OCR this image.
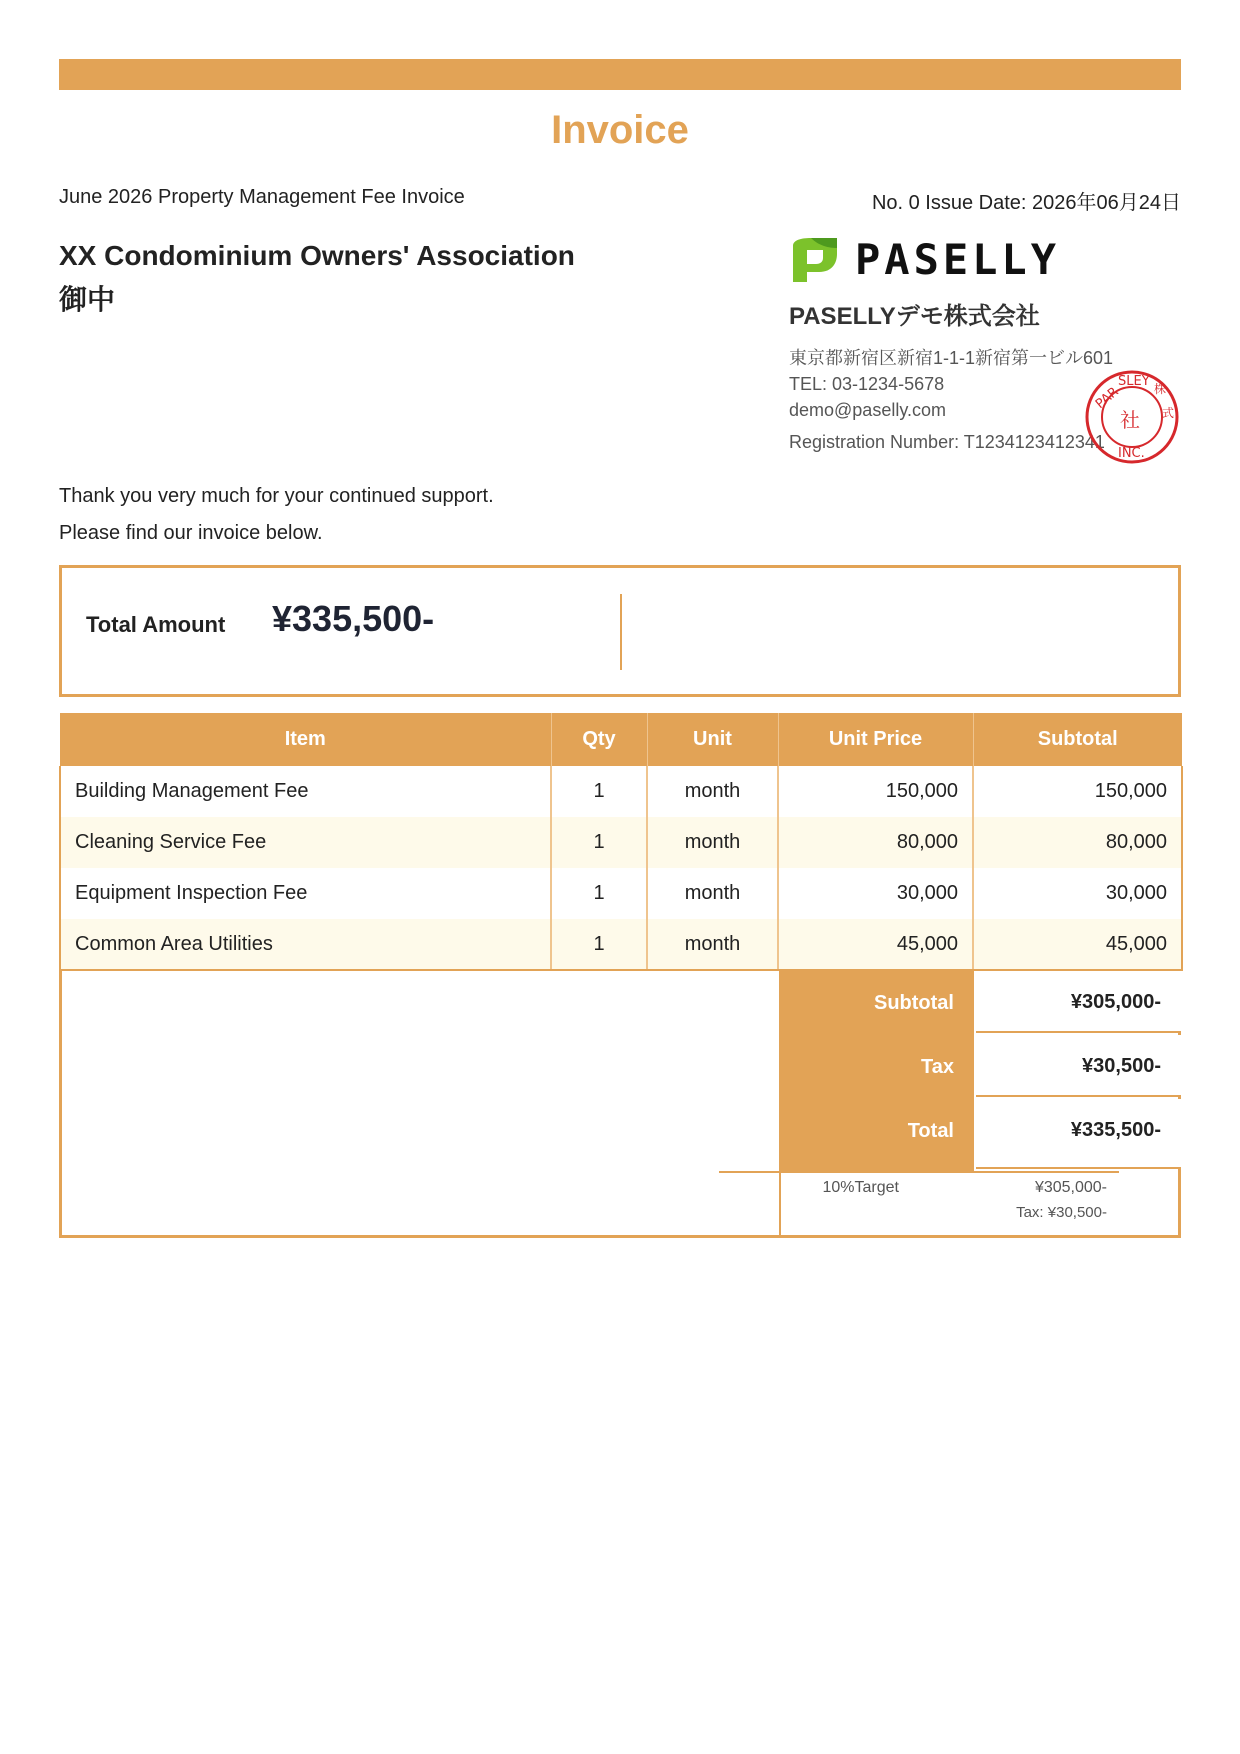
Invoice
June 2026 Property Management Fee Invoice	No. 0 Issue Date: 2026年06月24日
XX Condominium Owners' Association
御中
PASELLY
PASELLYデモ株式会社
東京都新宿区新宿1-1-1新宿第一ビル601
TEL: 03-1234-5678
demo@paselly.com
Registration Number: T1234123412341
PAR
SLEY 株
式
INC.
社
Thank you very much for your continued support.
Please find our invoice below.
Total Amount ¥335,500-
Item	Qty	Unit	Unit Price	Subtotal
Building Management Fee	1	month	150,000	150,000
Cleaning Service Fee	1	month	80,000	80,000
Equipment Inspection Fee	1	month	30,000	30,000
Common Area Utilities	1	month	45,000	45,000
Subtotal	¥305,000-
Tax	¥30,500-
Total	¥335,500-
10%Target	¥305,000-
Tax: ¥30,500-
